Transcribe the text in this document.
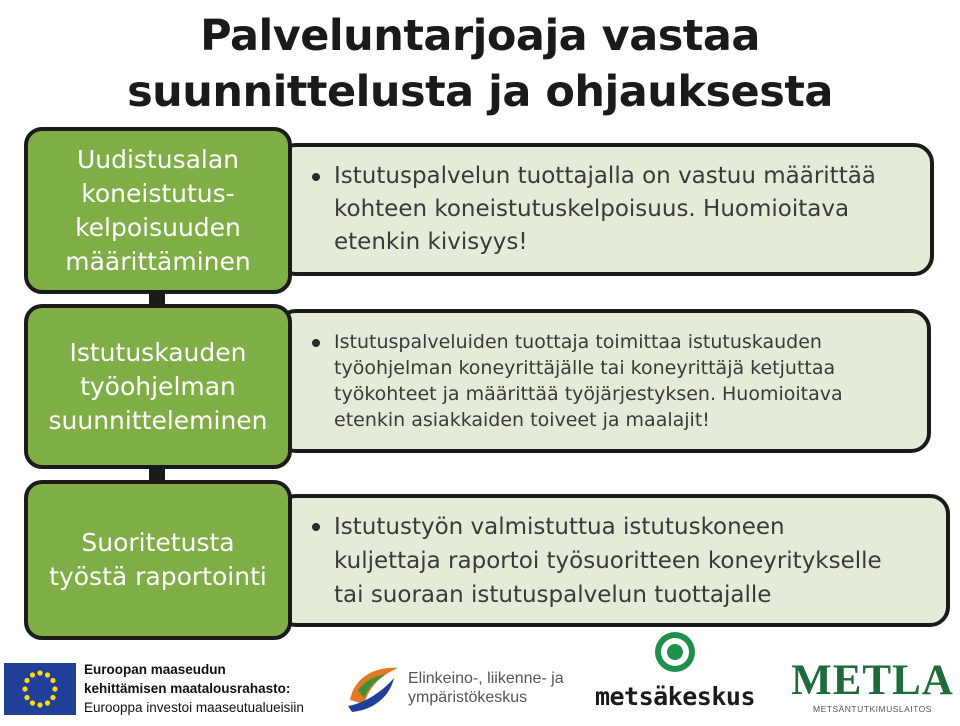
Palveluntarjoaja vastaa
suunnittelusta ja ohjauksesta
Istutuspalvelun tuottajalla on vastuu määrittää
kohteen koneistutuskelpoisuus. Huomioitava
etenkin kivisyys!
Uudistusalan
koneistutus-
kelpoisuuden
määrittäminen
Istutuspalveluiden tuottaja toimittaa istutuskauden
työohjelman koneyrittäjälle tai koneyrittäjä ketjuttaa
työkohteet ja määrittää työjärjestyksen. Huomioitava
etenkin asiakkaiden toiveet ja maalajit!
Istutuskauden
työohjelman
suunnitteleminen
Istutustyön valmistuttua istutuskoneen
kuljettaja raportoi työsuoritteen koneyritykselle
tai suoraan istutuspalvelun tuottajalle
Suoritetusta
työstä raportointi
Euroopan maaseudun
kehittämisen maatalousrahasto:
Eurooppa investoi maaseutualueisiin
Elinkeino-, liikenne- ja
ympäristökeskus	metsäkeskus METLA
METSÄNTUTKIMUSLAITOS
